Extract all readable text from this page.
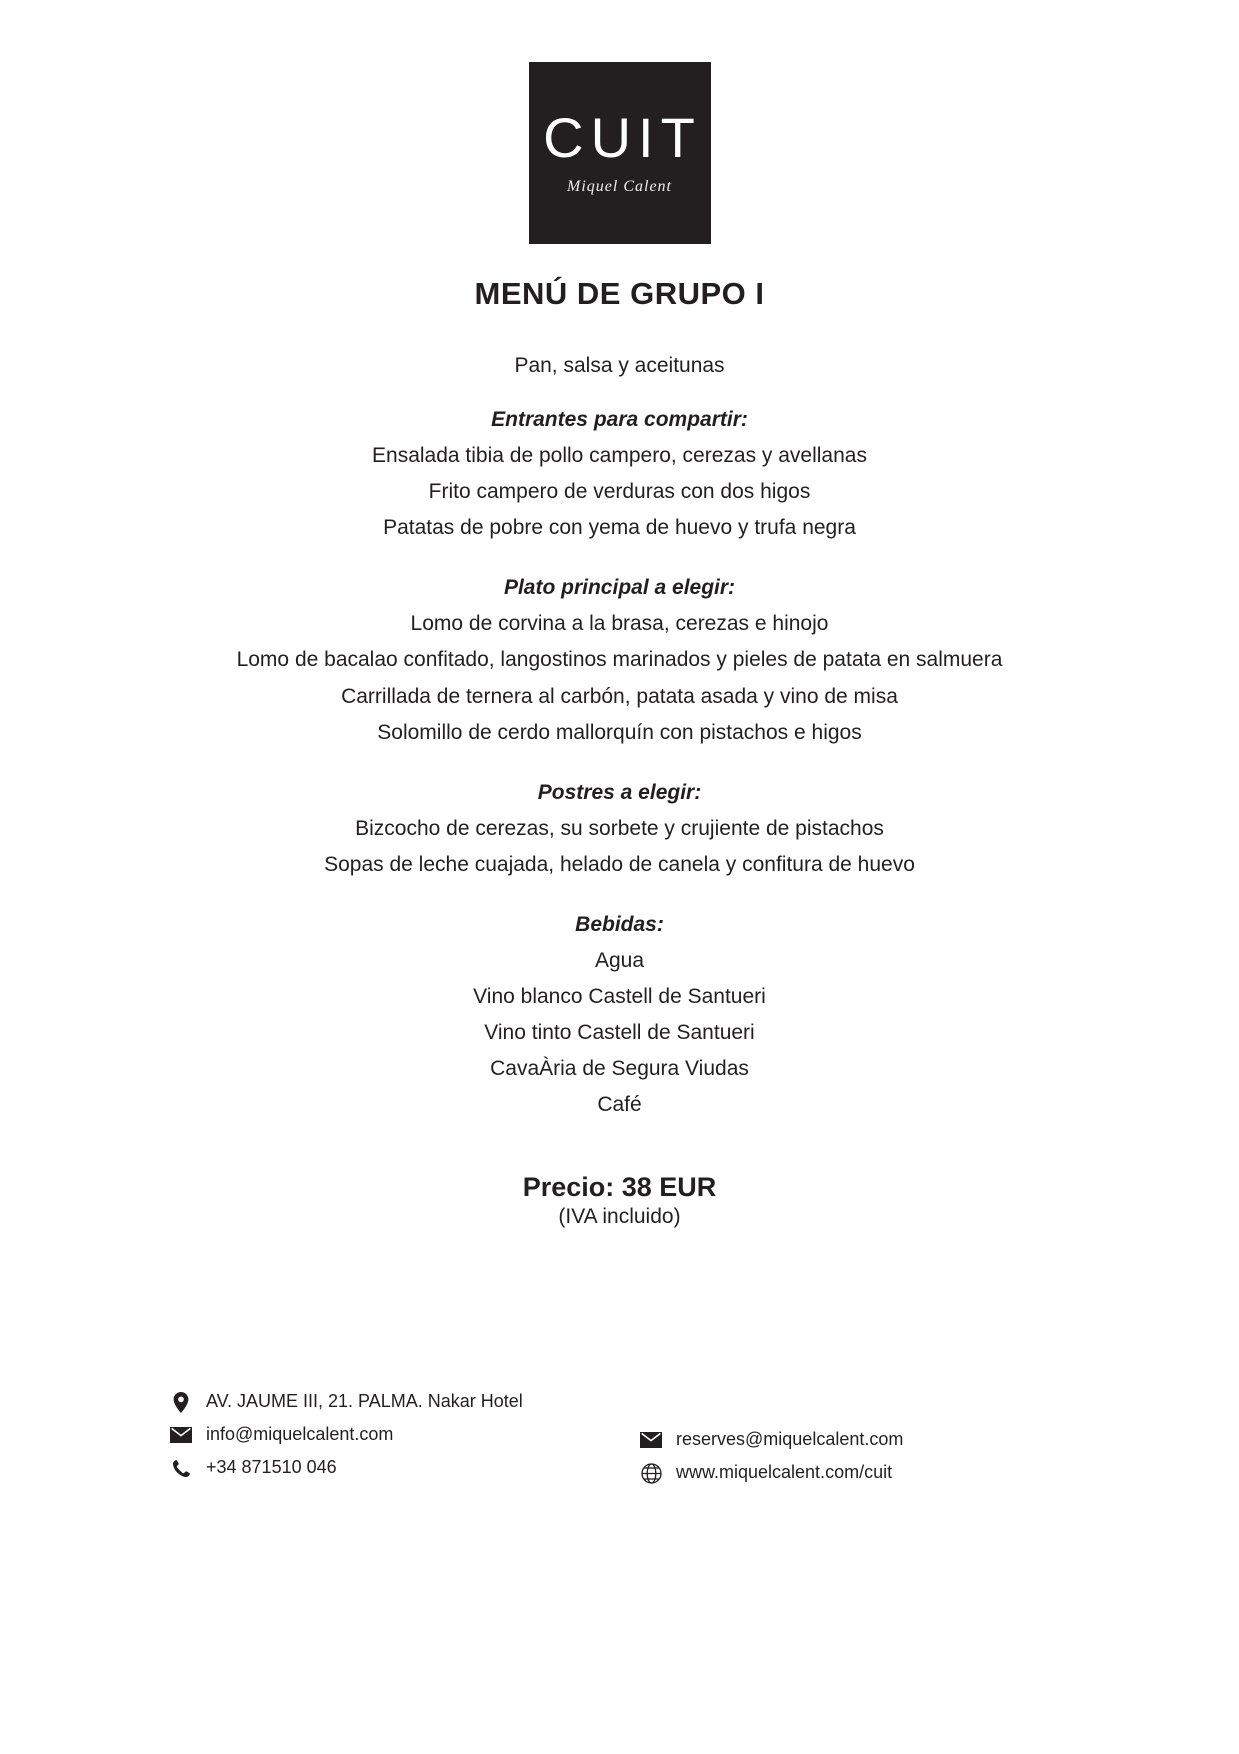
CUIT
Miquel Calent
MENÚ DE GRUPO I
Pan, salsa y aceitunas
Entrantes para compartir:
Ensalada tibia de pollo campero, cerezas y avellanas
Frito campero de verduras con dos higos
Patatas de pobre con yema de huevo y trufa negra
Plato principal a elegir:
Lomo de corvina a la brasa, cerezas e hinojo
Lomo de bacalao confitado, langostinos marinados y pieles de patata en salmuera
Carrillada de ternera al carbón, patata asada y vino de misa
Solomillo de cerdo mallorquín con pistachos e higos
Postres a elegir:
Bizcocho de cerezas, su sorbete y crujiente de pistachos
Sopas de leche cuajada, helado de canela y confitura de huevo
Bebidas:
Agua
Vino blanco Castell de Santueri
Vino tinto Castell de Santueri
CavaÀria de Segura Viudas
Café
Precio: 38 EUR
(IVA incluido)
AV. JAUME III, 21. PALMA. Nakar Hotel
info@miquelcalent.com
+34 871510 046
reserves@miquelcalent.com
www.miquelcalent.com/cuit
